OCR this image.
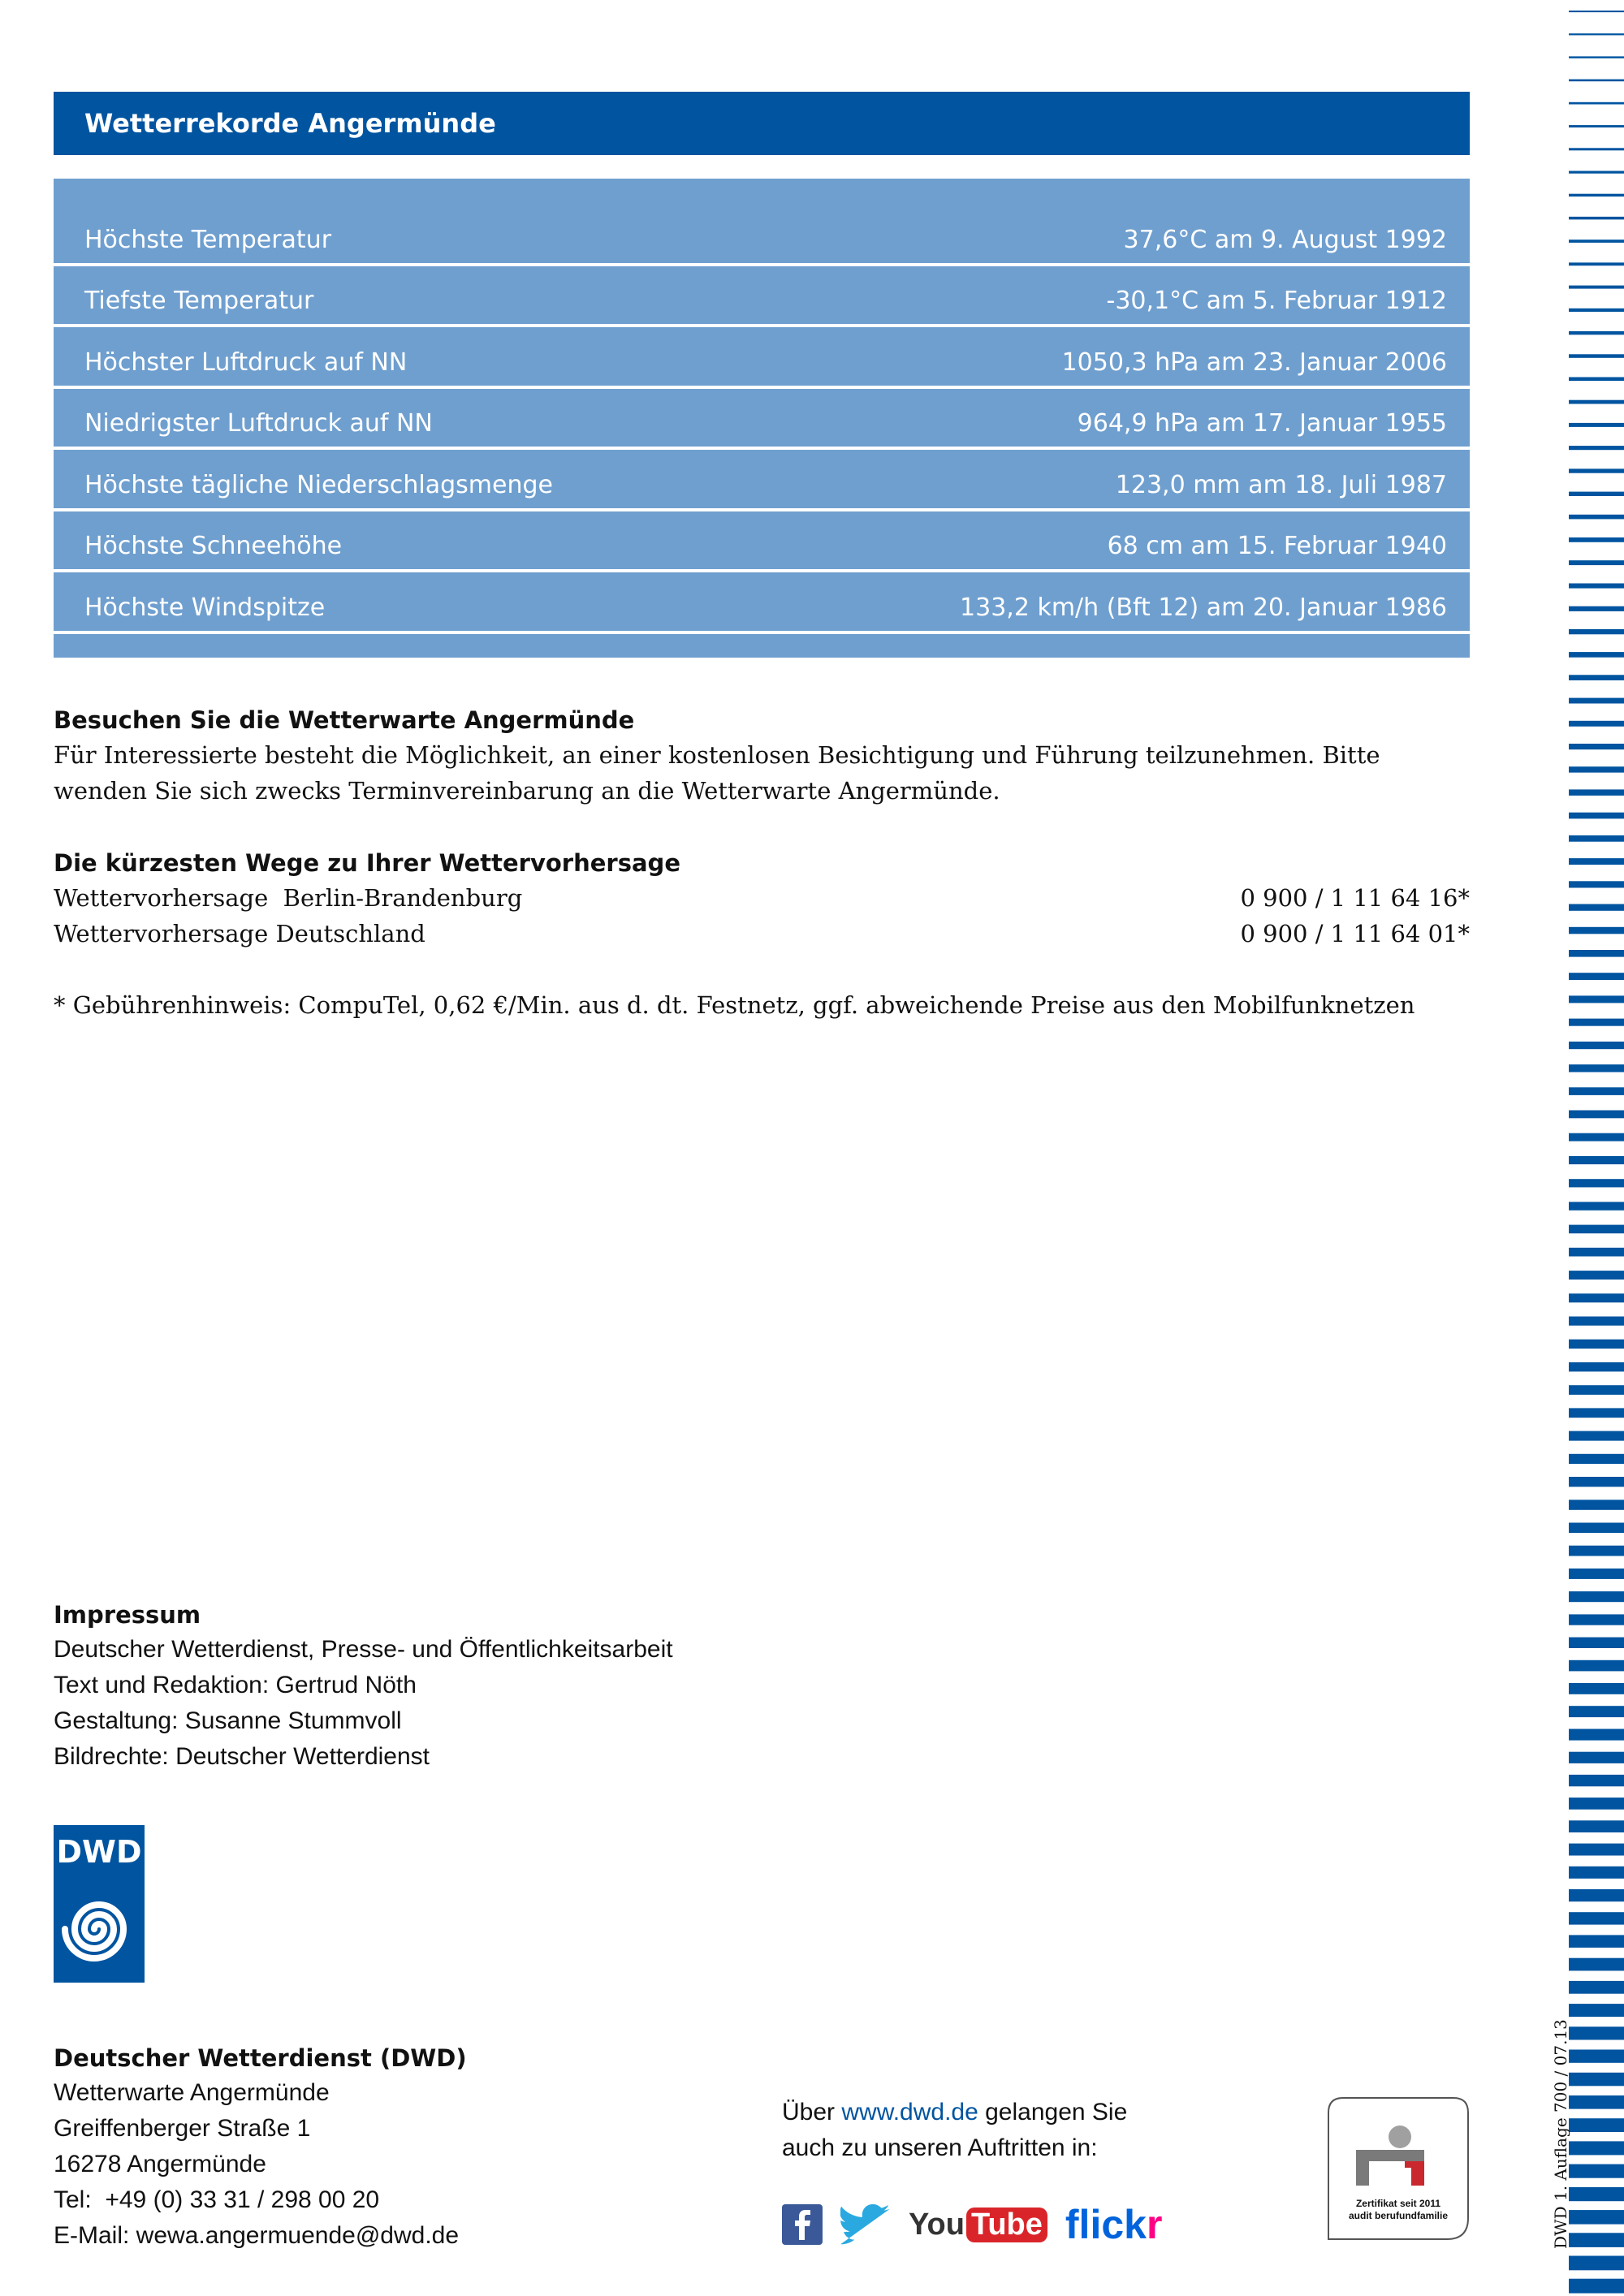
Wetterrekorde Angermünde
Höchste Temperatur	37,6°C am 9. August 1992
Tiefste Temperatur	-30,1°C am 5. Februar 1912
Höchster Luftdruck auf NN	1050,3 hPa am 23. Januar 2006
Niedrigster Luftdruck auf NN	964,9 hPa am 17. Januar 1955
Höchste tägliche Niederschlagsmenge	123,0 mm am 18. Juli 1987
Höchste Schneehöhe	68 cm am 15. Februar 1940
Höchste Windspitze	133,2 km/h (Bft 12) am 20. Januar 1986
Besuchen Sie die Wetterwarte Angermünde
Für Interessierte besteht die Möglichkeit, an einer kostenlosen Besichtigung und Führung teilzunehmen. Bitte wenden Sie sich zwecks Terminvereinbarung an die Wetterwarte Angermünde.
Die kürzesten Wege zu Ihrer Wettervorhersage
Wettervorhersage  Berlin-Brandenburg	0 900 / 1 11 64 16*
Wettervorhersage Deutschland	0 900 / 1 11 64 01*
* Gebührenhinweis: CompuTel, 0,62 €/Min. aus d. dt. Festnetz, ggf. abweichende Preise aus den Mobilfunknetzen
Impressum
Deutscher Wetterdienst, Presse- und Öffentlichkeitsarbeit
Text und Redaktion: Gertrud Nöth
Gestaltung: Susanne Stummvoll
Bildrechte: Deutscher Wetterdienst
DWD
Deutscher Wetterdienst (DWD)
Wetterwarte Angermünde
Greiffenberger Straße 1
16278 Angermünde
Tel:  +49 (0) 33 31 / 298 00 20
E-Mail: wewa.angermuende@dwd.de
Über www.dwd.de gelangen Sie
auch zu unseren Auftritten in:
You Tube flickr	Zertifikat seit 2011
audit berufundfamilie	DWD 1. Auflage 700 / 07.13
